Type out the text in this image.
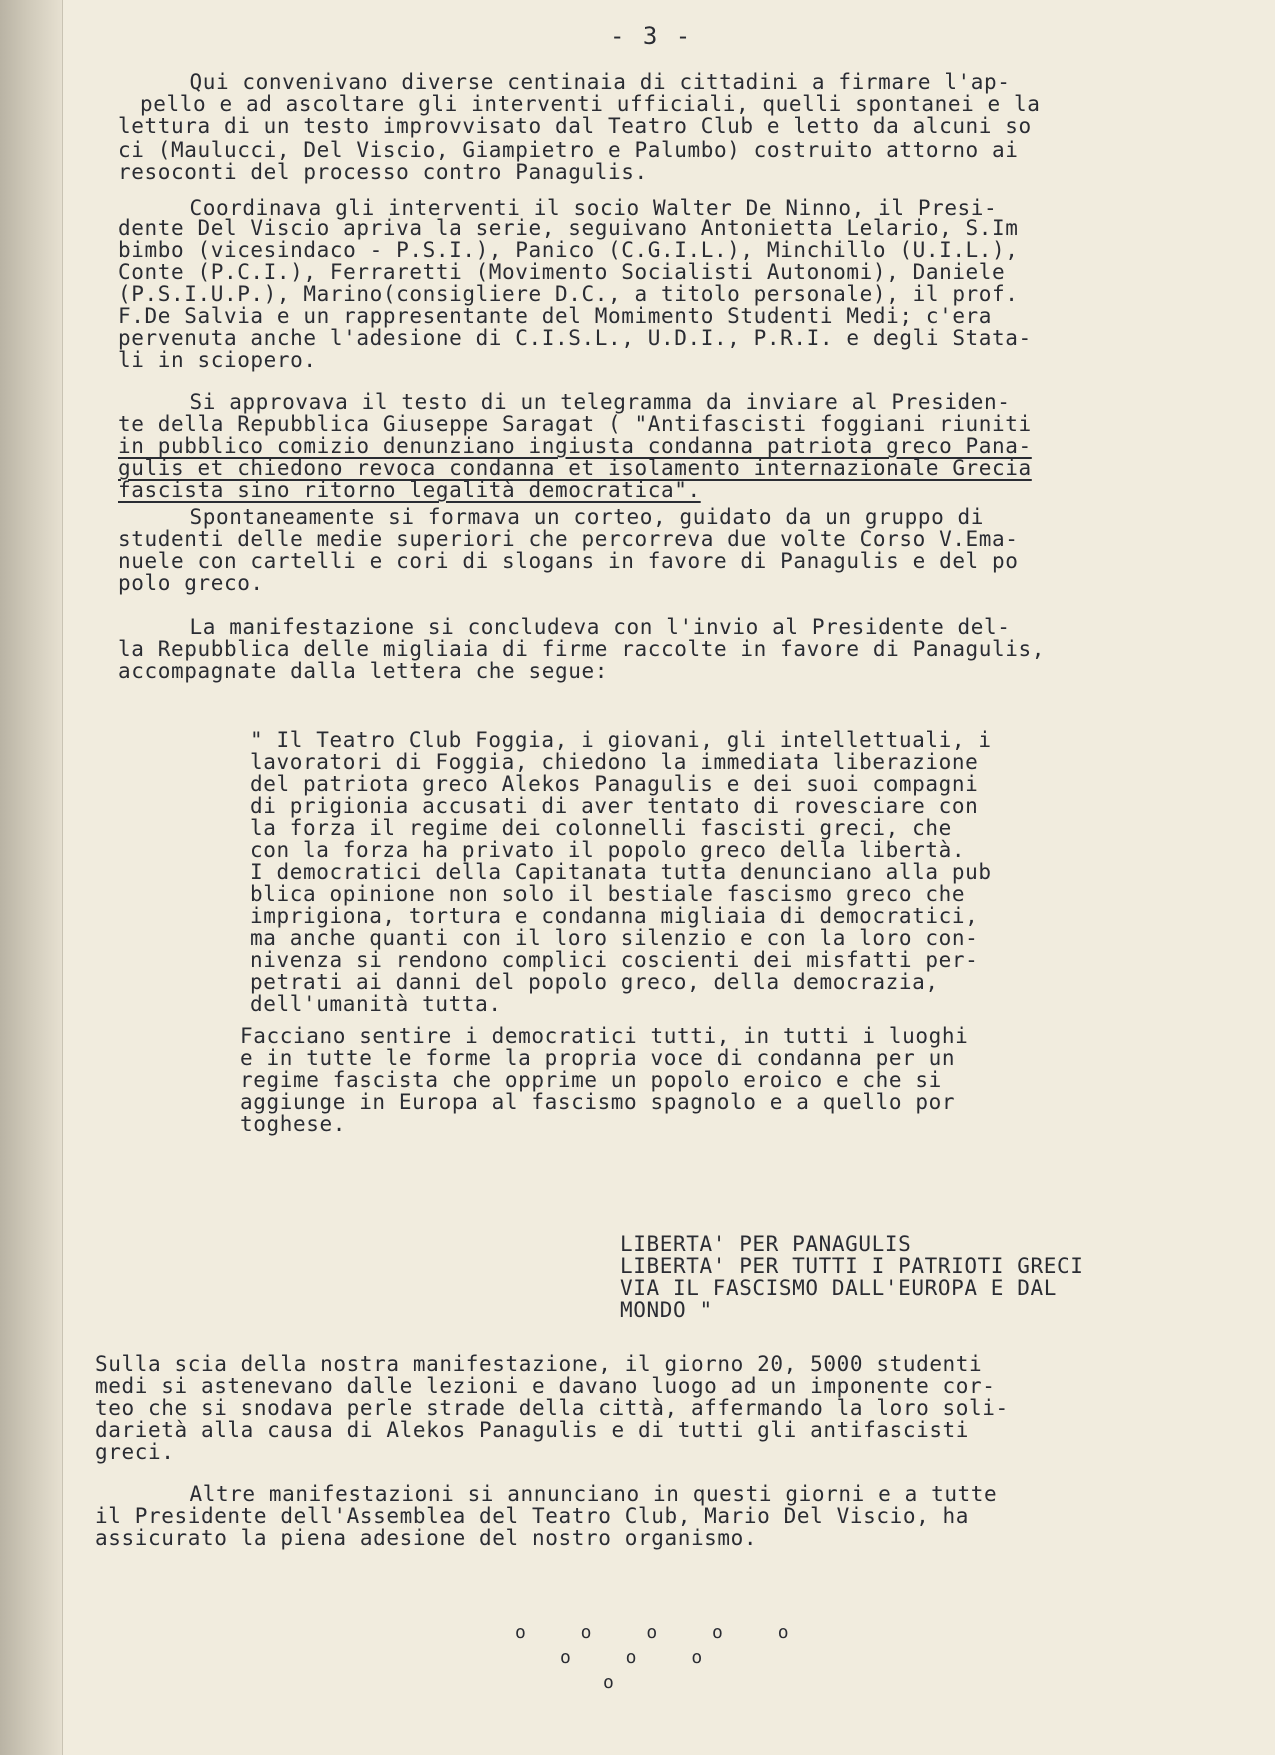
- 3 -
Qui convenivano diverse centinaia di cittadini a firmare l'ap-
pello e ad ascoltare gli interventi ufficiali, quelli spontanei e la
lettura di un testo improvvisato dal Teatro Club e letto da alcuni so
ci (Maulucci, Del Viscio, Giampietro e Palumbo) costruito attorno ai
resoconti del processo contro Panagulis.
Coordinava gli interventi il socio Walter De Ninno, il Presi-
dente Del Viscio apriva la serie, seguivano Antonietta Lelario, S.Im
bimbo (vicesindaco - P.S.I.), Panico (C.G.I.L.), Minchillo (U.I.L.),
Conte (P.C.I.), Ferraretti (Movimento Socialisti Autonomi), Daniele
(P.S.I.U.P.), Marino(consigliere D.C., a titolo personale), il prof.
F.De Salvia e un rappresentante del Momimento Studenti Medi; c'era
pervenuta anche l'adesione di C.I.S.L., U.D.I., P.R.I. e degli Stata-
li in sciopero.
Si approvava il testo di un telegramma da inviare al Presiden-
te della Repubblica Giuseppe Saragat ( "Antifascisti foggiani riuniti
in pubblico comizio denunziano ingiusta condanna patriota greco Pana-
gulis et chiedono revoca condanna et isolamento internazionale Grecia
fascista sino ritorno legalità democratica".
Spontaneamente si formava un corteo, guidato da un gruppo di
studenti delle medie superiori che percorreva due volte Corso V.Ema-
nuele con cartelli e cori di slogans in favore di Panagulis e del po
polo greco.
La manifestazione si concludeva con l'invio al Presidente del-
la Repubblica delle migliaia di firme raccolte in favore di Panagulis,
accompagnate dalla lettera che segue:
" Il Teatro Club Foggia, i giovani, gli intellettuali, i
lavoratori di Foggia, chiedono la immediata liberazione
del patriota greco Alekos Panagulis e dei suoi compagni
di prigionia accusati di aver tentato di rovesciare con
la forza il regime dei colonnelli fascisti greci, che
con la forza ha privato il popolo greco della libertà.
I democratici della Capitanata tutta denunciano alla pub
blica opinione non solo il bestiale fascismo greco che
imprigiona, tortura e condanna migliaia di democratici,
ma anche quanti con il loro silenzio e con la loro con-
nivenza si rendono complici coscienti dei misfatti per-
petrati ai danni del popolo greco, della democrazia,
dell'umanità tutta.
Facciano sentire i democratici tutti, in tutti i luoghi
e in tutte le forme la propria voce di condanna per un
regime fascista che opprime un popolo eroico e che si
aggiunge in Europa al fascismo spagnolo e a quello por
toghese.
LIBERTA' PER PANAGULIS
LIBERTA' PER TUTTI I PATRIOTI GRECI
VIA IL FASCISMO DALL'EUROPA E DAL
MONDO "
Sulla scia della nostra manifestazione, il giorno 20, 5000 studenti
medi si astenevano dalle lezioni e davano luogo ad un imponente cor-
teo che si snodava perle strade della città, affermando la loro soli-
darietà alla causa di Alekos Panagulis e di tutti gli antifascisti
greci.
Altre manifestazioni si annunciano in questi giorni e a tutte
il Presidente dell'Assemblea del Teatro Club, Mario Del Viscio, ha
assicurato la piena adesione del nostro organismo.
o o o o o
o o o
o
